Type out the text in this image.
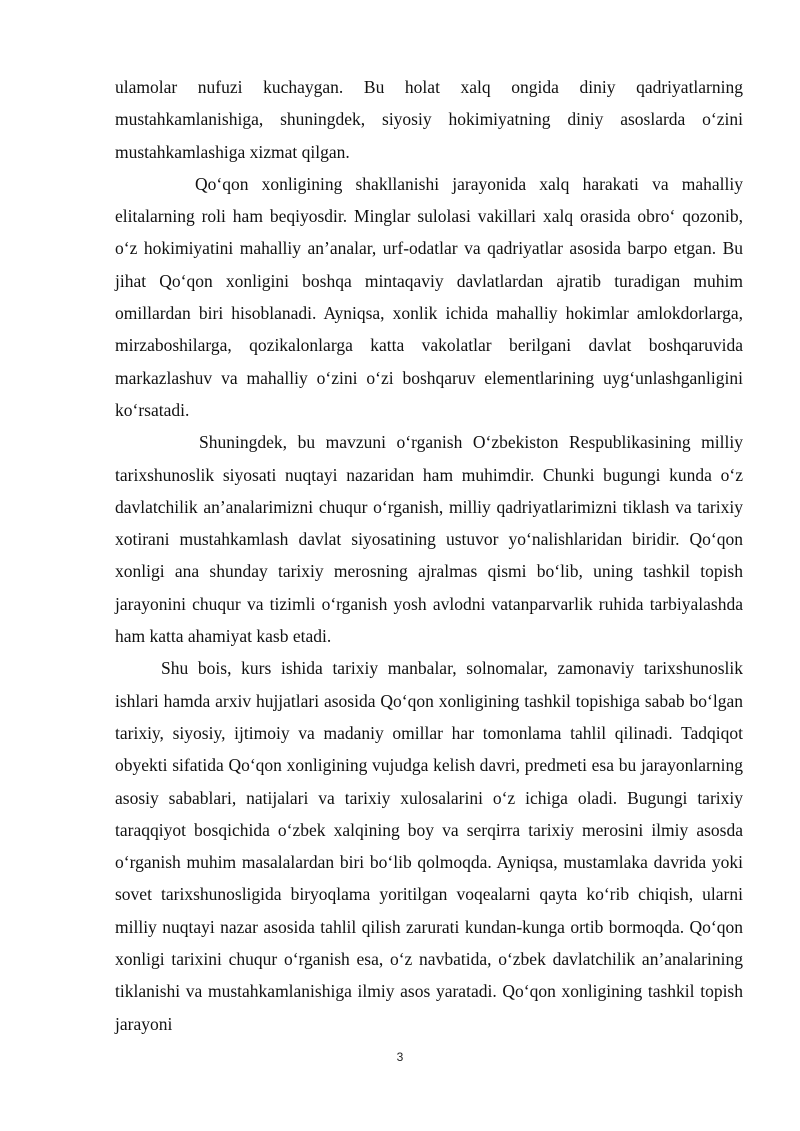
ulamolar nufuzi kuchaygan. Bu holat xalq ongida diniy qadriyatlarning mustahkamlanishiga, shuningdek, siyosiy hokimiyatning diniy asoslarda o‘zini mustahkamlashiga xizmat qilgan.

Qo‘qon xonligining shakllanishi jarayonida xalq harakati va mahalliy elitalarning roli ham beqiyosdir. Minglar sulolasi vakillari xalq orasida obro‘ qozonib, o‘z hokimiyatini mahalliy an’analar, urf-odatlar va qadriyatlar asosida barpo etgan. Bu jihat Qo‘qon xonligini boshqa mintaqaviy davlatlardan ajratib turadigan muhim omillardan biri hisoblanadi. Ayniqsa, xonlik ichida mahalliy hokimlar amlokdorlarga, mirzaboshilarga, qozikalonlarga katta vakolatlar berilgani davlat boshqaruvida markazlashuv va mahalliy o‘zini o‘zi boshqaruv elementlarining uyg‘unlashganligini ko‘rsatadi.

Shuningdek, bu mavzuni o‘rganish O‘zbekiston Respublikasining milliy tarixshunoslik siyosati nuqtayi nazaridan ham muhimdir. Chunki bugungi kunda o‘z davlatchilik an’analarimizni chuqur o‘rganish, milliy qadriyatlarimizni tiklash va tarixiy xotirani mustahkamlash davlat siyosatining ustuvor yo‘nalishlaridan biridir. Qo‘qon xonligi ana shunday tarixiy merosning ajralmas qismi bo‘lib, uning tashkil topish jarayonini chuqur va tizimli o‘rganish yosh avlodni vatanparvarlik ruhida tarbiyalashda ham katta ahamiyat kasb etadi.

Shu bois, kurs ishida tarixiy manbalar, solnomalar, zamonaviy tarixshunoslik ishlari hamda arxiv hujjatlari asosida Qo‘qon xonligining tashkil topishiga sabab bo‘lgan tarixiy, siyosiy, ijtimoiy va madaniy omillar har tomonlama tahlil qilinadi. Tadqiqot obyekti sifatida Qo‘qon xonligining vujudga kelish davri, predmeti esa bu jarayonlarning asosiy sabablari, natijalari va tarixiy xulosalarini o‘z ichiga oladi. Bugungi tarixiy taraqqiyot bosqichida o‘zbek xalqining boy va serqirra tarixiy merosini ilmiy asosda o‘rganish muhim masalalardan biri bo‘lib qolmoqda. Ayniqsa, mustamlaka davrida yoki sovet tarixshunosligida biryoqlama yoritilgan voqealarni qayta ko‘rib chiqish, ularni milliy nuqtayi nazar asosida tahlil qilish zarurati kundan-kunga ortib bormoqda. Qo‘qon xonligi tarixini chuqur o‘rganish esa, o‘z navbatida, o‘zbek davlatchilik an’analarining tiklanishi va mustahkamlanishiga ilmiy asos yaratadi. Qo‘qon xonligining tashkil topish jarayoni

3
